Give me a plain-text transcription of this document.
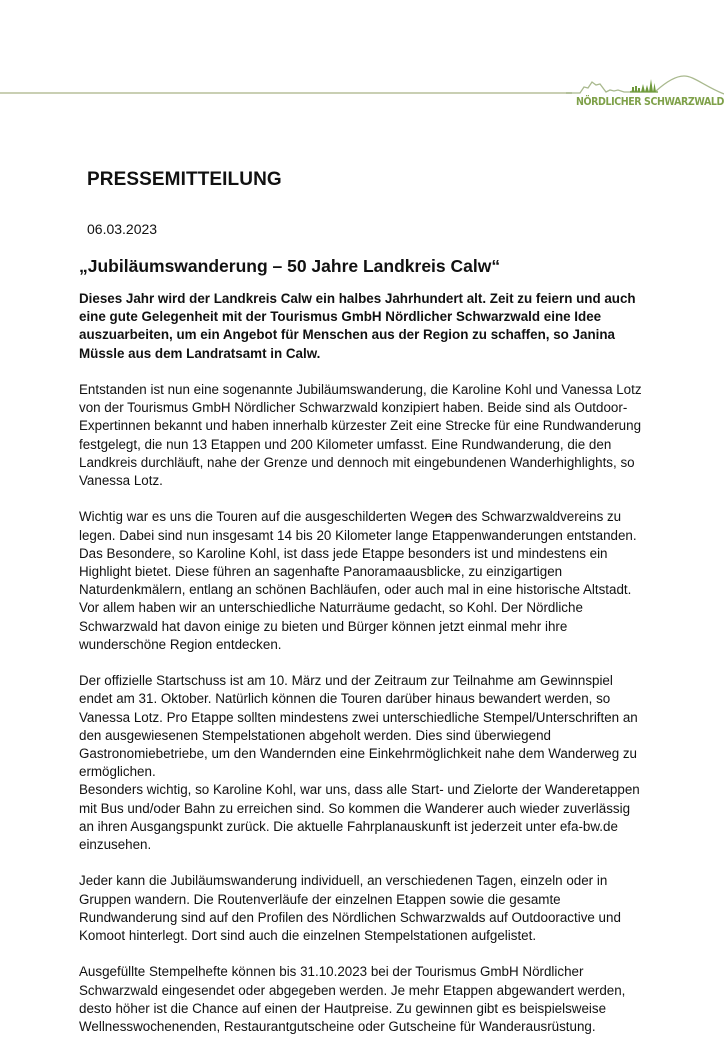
NÖRDLICHER SCHWARZWALD
PRESSEMITTEILUNG

06.03.2023

„Jubiläumswanderung – 50 Jahre Landkreis Calw“

Dieses Jahr wird der Landkreis Calw ein halbes Jahrhundert alt. Zeit zu feiern und auch
eine gute Gelegenheit mit der Tourismus GmbH Nördlicher Schwarzwald eine Idee
auszuarbeiten, um ein Angebot für Menschen aus der Region zu schaffen, so Janina
Müssle aus dem Landratsamt in Calw.

Entstanden ist nun eine sogenannte Jubiläumswanderung, die Karoline Kohl und Vanessa Lotz
von der Tourismus GmbH Nördlicher Schwarzwald konzipiert haben. Beide sind als Outdoor-
Expertinnen bekannt und haben innerhalb kürzester Zeit eine Strecke für eine Rundwanderung
festgelegt, die nun 13 Etappen und 200 Kilometer umfasst. Eine Rundwanderung, die den
Landkreis durchläuft, nahe der Grenze und dennoch mit eingebundenen Wanderhighlights, so
Vanessa Lotz.

Wichtig war es uns die Touren auf die ausgeschilderten Wegen des Schwarzwaldvereins zu
legen. Dabei sind nun insgesamt 14 bis 20 Kilometer lange Etappenwanderungen entstanden.
Das Besondere, so Karoline Kohl, ist dass jede Etappe besonders ist und mindestens ein
Highlight bietet. Diese führen an sagenhafte Panoramaausblicke, zu einzigartigen
Naturdenkmälern, entlang an schönen Bachläufen, oder auch mal in eine historische Altstadt.
Vor allem haben wir an unterschiedliche Naturräume gedacht, so Kohl. Der Nördliche
Schwarzwald hat davon einige zu bieten und Bürger können jetzt einmal mehr ihre
wunderschöne Region entdecken.

Der offizielle Startschuss ist am 10. März und der Zeitraum zur Teilnahme am Gewinnspiel
endet am 31. Oktober. Natürlich können die Touren darüber hinaus bewandert werden, so
Vanessa Lotz. Pro Etappe sollten mindestens zwei unterschiedliche Stempel/Unterschriften an
den ausgewiesenen Stempelstationen abgeholt werden. Dies sind überwiegend
Gastronomiebetriebe, um den Wandernden eine Einkehrmöglichkeit nahe dem Wanderweg zu
ermöglichen.

Besonders wichtig, so Karoline Kohl, war uns, dass alle Start- und Zielorte der Wanderetappen
mit Bus und/oder Bahn zu erreichen sind. So kommen die Wanderer auch wieder zuverlässig
an ihren Ausgangspunkt zurück. Die aktuelle Fahrplanauskunft ist jederzeit unter efa-bw.de
einzusehen.

Jeder kann die Jubiläumswanderung individuell, an verschiedenen Tagen, einzeln oder in
Gruppen wandern. Die Routenverläufe der einzelnen Etappen sowie die gesamte
Rundwanderung sind auf den Profilen des Nördlichen Schwarzwalds auf Outdooractive und
Komoot hinterlegt. Dort sind auch die einzelnen Stempelstationen aufgelistet.

Ausgefüllte Stempelhefte können bis 31.10.2023 bei der Tourismus GmbH Nördlicher
Schwarzwald eingesendet oder abgegeben werden. Je mehr Etappen abgewandert werden,
desto höher ist die Chance auf einen der Hautpreise. Zu gewinnen gibt es beispielsweise
Wellnesswochenenden, Restaurantgutscheine oder Gutscheine für Wanderausrüstung.
